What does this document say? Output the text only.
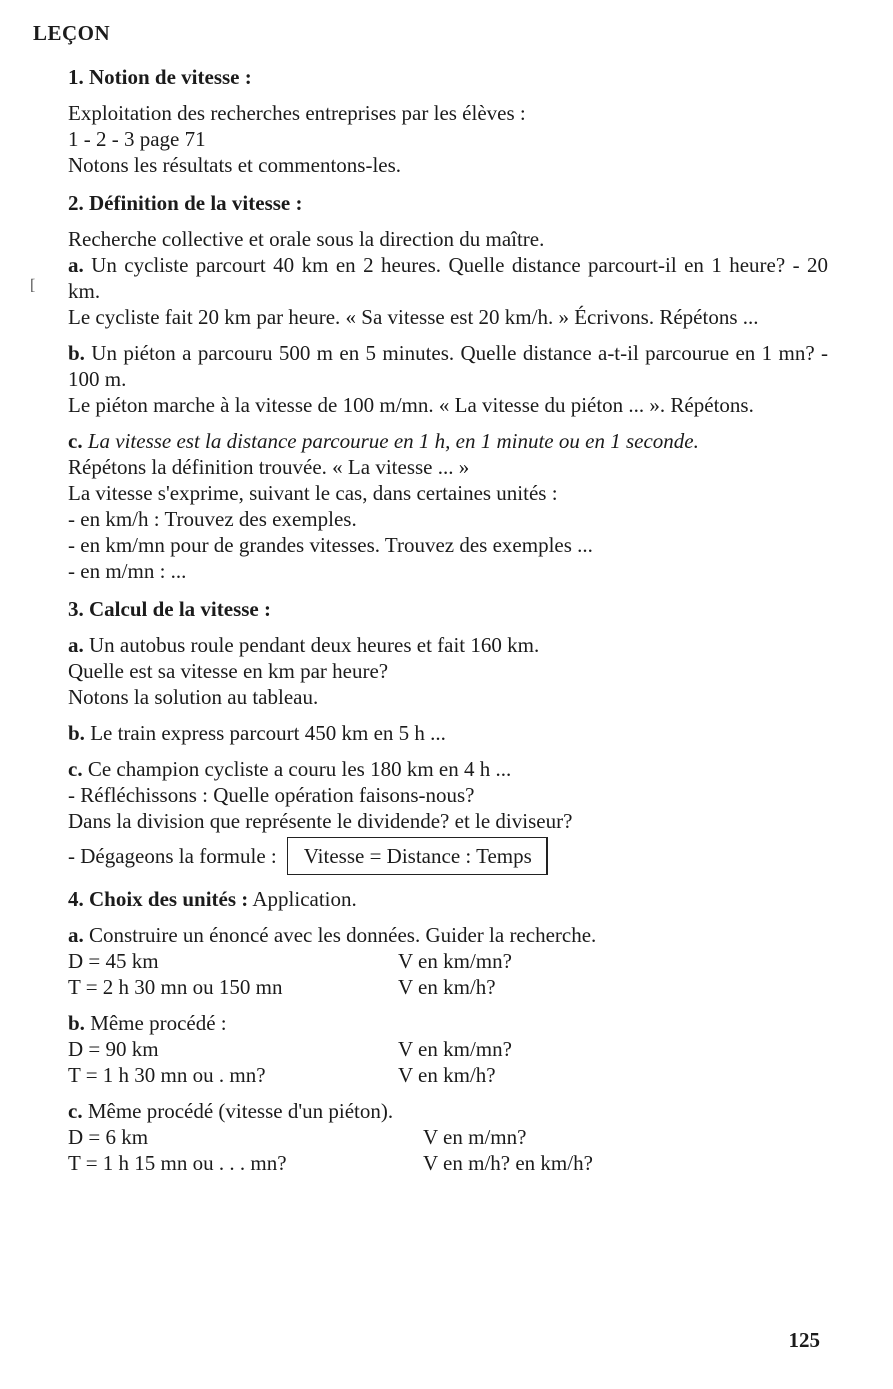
LEÇON
[

1. Notion de vitesse :

Exploitation des recherches entreprises par les élèves :

1 - 2 - 3 page 71

Notons les résultats et commentons-les.

2. Définition de la vitesse :

Recherche collective et orale sous la direction du maître.

a. Un cycliste parcourt 40 km en 2 heures. Quelle distance parcourt-il en 1 heure? - 20 km.

Le cycliste fait 20 km par heure. « Sa vitesse est 20 km/h. » Écrivons. Répétons ...

b. Un piéton a parcouru 500 m en 5 minutes. Quelle distance a-t-il parcourue en 1 mn? - 100 m.

Le piéton marche à la vitesse de 100 m/mn. « La vitesse du piéton ... ». Répétons.

c. La vitesse est la distance parcourue en 1 h, en 1 minute ou en 1 seconde.

Répétons la définition trouvée. « La vitesse ... »

La vitesse s'exprime, suivant le cas, dans certaines unités :

- en km/h : Trouvez des exemples.

- en km/mn pour de grandes vitesses. Trouvez des exemples ...

- en m/mn : ...

3. Calcul de la vitesse :

a. Un autobus roule pendant deux heures et fait 160 km.

Quelle est sa vitesse en km par heure?

Notons la solution au tableau.

b. Le train express parcourt 450 km en 5 h ...

c. Ce champion cycliste a couru les 180 km en 4 h ...

- Réfléchissons : Quelle opération faisons-nous?

Dans la division que représente le dividende? et le diviseur?

- Dégageons la formule :	Vitesse = Distance : Temps

4. Choix des unités : Application.

a. Construire un énoncé avec les données. Guider la recherche.

D = 45 km	V en km/mn?
T = 2 h 30 mn ou 150 mn	V en km/h?

b. Même procédé :

D = 90 km	V en km/mn?
T = 1 h 30 mn ou . mn?	V en km/h?

c. Même procédé (vitesse d'un piéton).

D = 6 km	V en m/mn?
T = 1 h 15 mn ou . . . mn?	V en m/h? en km/h?
125
